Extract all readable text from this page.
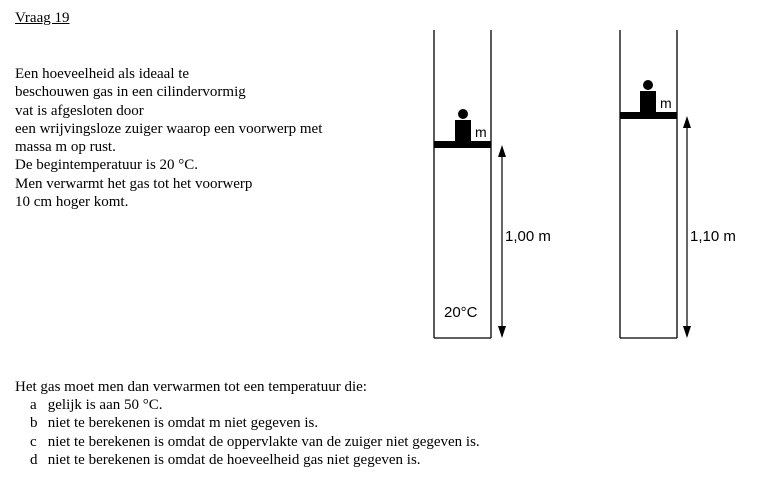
Vraag 19
Een hoeveelheid als ideaal te
beschouwen gas in een cilindervormig
vat is afgesloten door
een wrijvingsloze zuiger waarop een voorwerp met
massa m op rust.
De begintemperatuur is 20 °C.
Men verwarmt het gas tot het voorwerp
10 cm hoger komt.
m
20°C
1,00 m
m
1,10 m
Het gas moet men dan verwarmen tot een temperatuur die:
a gelijk is aan 50 °C.
b niet te berekenen is omdat m niet gegeven is.
c niet te berekenen is omdat de oppervlakte van de zuiger niet gegeven is.
d niet te berekenen is omdat de hoeveelheid gas niet gegeven is.
